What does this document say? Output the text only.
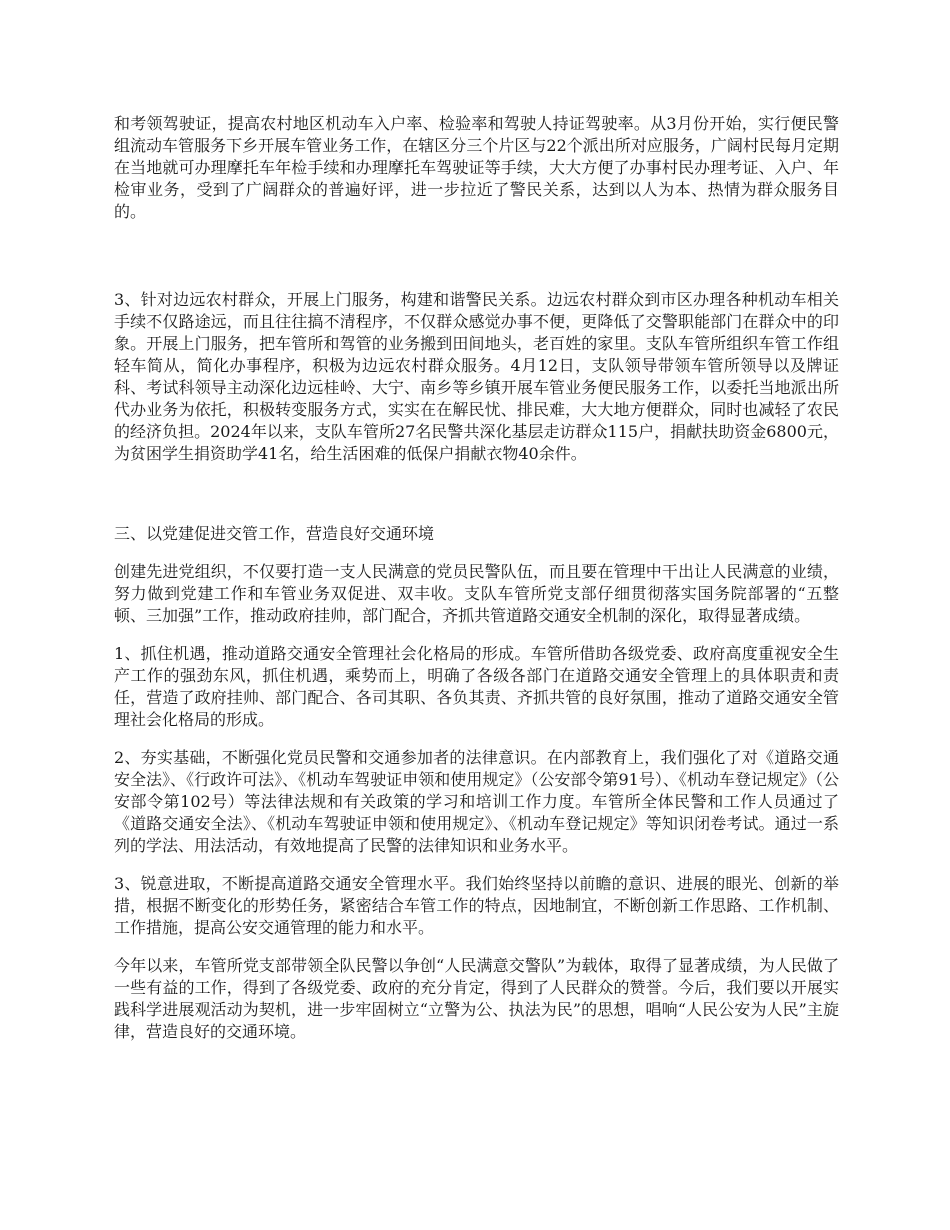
和考领驾驶证，提高农村地区机动车入户率、检验率和驾驶人持证驾驶率。从3月份开始，实行便民警组流动车管服务下乡开展车管业务工作，在辖区分三个片区与22个派出所对应服务，广阔村民每月定期在当地就可办理摩托车年检手续和办理摩托车驾驶证等手续，大大方便了办事村民办理考证、入户、年检审业务，受到了广阔群众的普遍好评，进一步拉近了警民关系，达到以人为本、热情为群众服务目的。

3、针对边远农村群众，开展上门服务，构建和谐警民关系。边远农村群众到市区办理各种机动车相关手续不仅路途远，而且往往搞不清程序，不仅群众感觉办事不便，更降低了交警职能部门在群众中的印象。开展上门服务，把车管所和驾管的业务搬到田间地头，老百姓的家里。支队车管所组织车管工作组轻车简从，简化办事程序，积极为边远农村群众服务。4月12日，支队领导带领车管所领导以及牌证科、考试科领导主动深化边远桂岭、大宁、南乡等乡镇开展车管业务便民服务工作，以委托当地派出所代办业务为依托，积极转变服务方式，实实在在解民忧、排民难，大大地方便群众，同时也减轻了农民的经济负担。2024年以来，支队车管所27名民警共深化基层走访群众115户，捐献扶助资金6800元，为贫困学生捐资助学41名，给生活困难的低保户捐献衣物40余件。

三、以党建促进交管工作，营造良好交通环境

创建先进党组织，不仅要打造一支人民满意的党员民警队伍，而且要在管理中干出让人民满意的业绩，努力做到党建工作和车管业务双促进、双丰收。支队车管所党支部仔细贯彻落实国务院部署的“五整顿、三加强”工作，推动政府挂帅，部门配合，齐抓共管道路交通安全机制的深化，取得显著成绩。

1、抓住机遇，推动道路交通安全管理社会化格局的形成。车管所借助各级党委、政府高度重视安全生产工作的强劲东风，抓住机遇，乘势而上，明确了各级各部门在道路交通安全管理上的具体职责和责任，营造了政府挂帅、部门配合、各司其职、各负其责、齐抓共管的良好氛围，推动了道路交通安全管理社会化格局的形成。

2、夯实基础，不断强化党员民警和交通参加者的法律意识。在内部教育上，我们强化了对《道路交通安全法》、《行政许可法》、《机动车驾驶证申领和使用规定》（公安部令第91号）、《机动车登记规定》（公安部令第102号）等法律法规和有关政策的学习和培训工作力度。车管所全体民警和工作人员通过了《道路交通安全法》、《机动车驾驶证申领和使用规定》、《机动车登记规定》等知识闭卷考试。通过一系列的学法、用法活动，有效地提高了民警的法律知识和业务水平。

3、锐意进取，不断提高道路交通安全管理水平。我们始终坚持以前瞻的意识、进展的眼光、创新的举措，根据不断变化的形势任务，紧密结合车管工作的特点，因地制宜，不断创新工作思路、工作机制、工作措施，提高公安交通管理的能力和水平。

今年以来，车管所党支部带领全队民警以争创“人民满意交警队”为载体，取得了显著成绩，为人民做了一些有益的工作，得到了各级党委、政府的充分肯定，得到了人民群众的赞誉。今后，我们要以开展实践科学进展观活动为契机，进一步牢固树立“立警为公、执法为民”的思想，唱响“人民公安为人民”主旋律，营造良好的交通环境。
